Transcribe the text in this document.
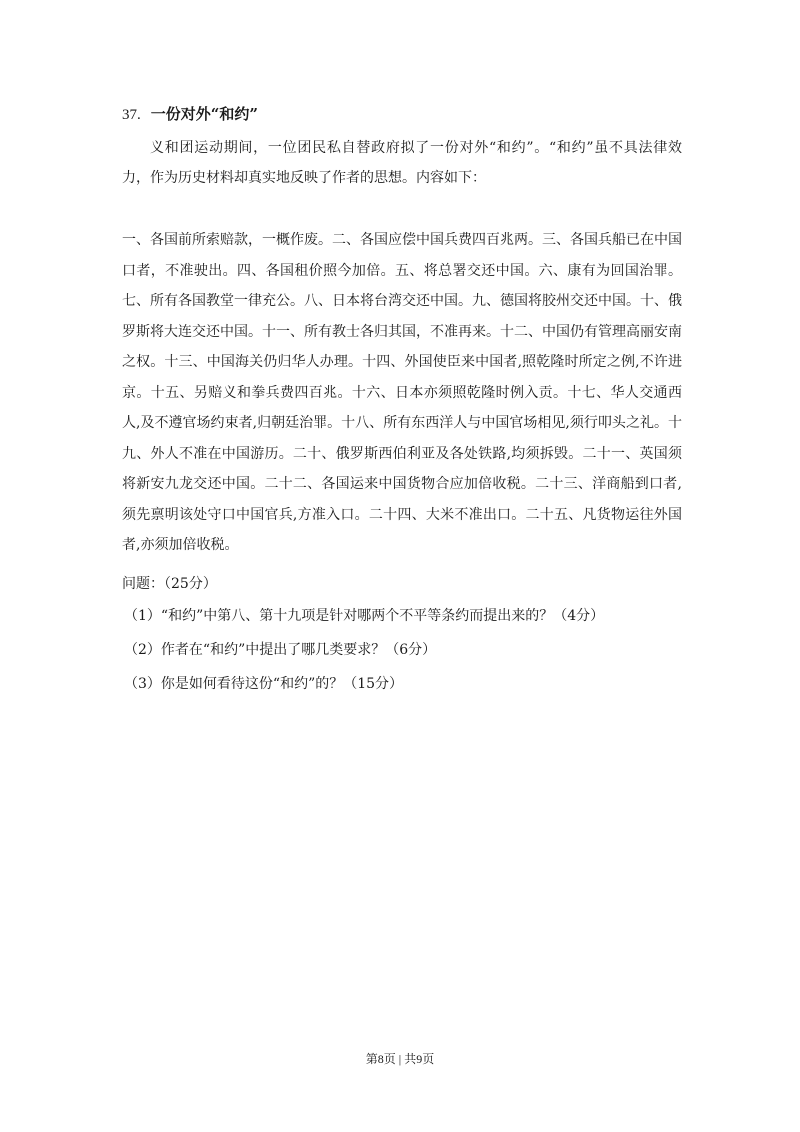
37. 一份对外“和约”
义和团运动期间，一位团民私自替政府拟了一份对外“和约”。“和约”虽不具法律效力，作为历史材料却真实地反映了作者的思想。内容如下：
一、各国前所索赔款，一概作废。二、各国应偿中国兵费四百兆两。三、各国兵船已在中国口者，不准驶出。四、各国租价照今加倍。五、将总署交还中国。六、康有为回国治罪。七、所有各国教堂一律充公。八、日本将台湾交还中国。九、德国将胶州交还中国。十、俄罗斯将大连交还中国。十一、所有教士各归其国，不准再来。十二、中国仍有管理高丽安南之权。十三、中国海关仍归华人办理。十四、外国使臣来中国者,照乾隆时所定之例,不许进京。十五、另赔义和拳兵费四百兆。十六、日本亦须照乾隆时例入贡。十七、华人交通西人,及不遵官场约束者,归朝廷治罪。十八、所有东西洋人与中国官场相见,须行叩头之礼。十九、外人不准在中国游历。二十、俄罗斯西伯利亚及各处铁路,均须拆毁。二十一、英国须将新安九龙交还中国。二十二、各国运来中国货物合应加倍收税。二十三、洋商船到口者,须先禀明该处守口中国官兵,方准入口。二十四、大米不准出口。二十五、凡货物运往外国者,亦须加倍收税。
问题：（25分）
（1）“和约”中第八、第十九项是针对哪两个不平等条约而提出来的？（4分）
（2）作者在“和约”中提出了哪几类要求？（6分）
（3）你是如何看待这份“和约”的？（15分）
第8页 | 共9页
